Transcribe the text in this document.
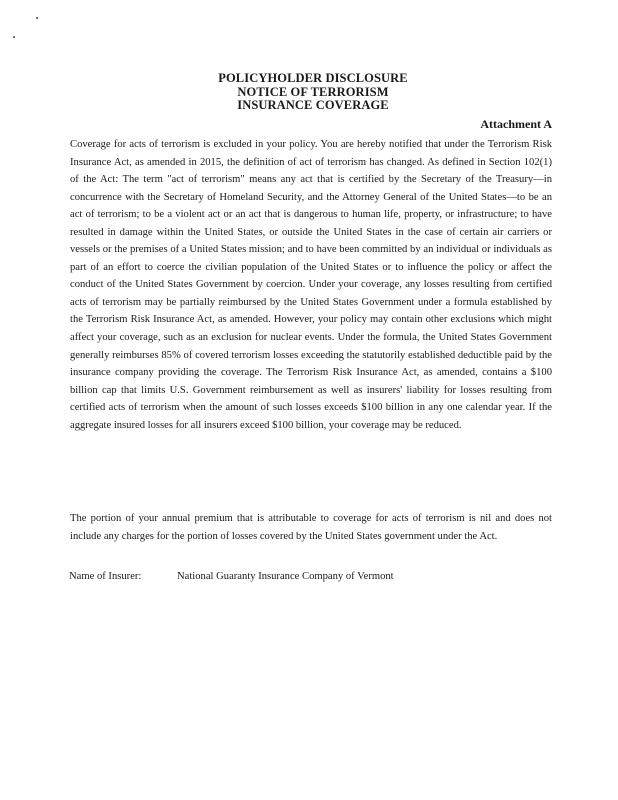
POLICYHOLDER DISCLOSURE
NOTICE OF TERRORISM
INSURANCE COVERAGE
Attachment A

Coverage for acts of terrorism is excluded in your policy. You are hereby notified that under the Terrorism Risk Insurance Act, as amended in 2015, the definition of act of terrorism has changed. As defined in Section 102(1) of the Act: The term "act of terrorism" means any act that is certified by the Secretary of the Treasury—in concurrence with the Secretary of Homeland Security, and the Attorney General of the United States—to be an act of terrorism; to be a violent act or an act that is dangerous to human life, property, or infrastructure; to have resulted in damage within the United States, or outside the United States in the case of certain air carriers or vessels or the premises of a United States mission; and to have been committed by an individual or individuals as part of an effort to coerce the civilian population of the United States or to influence the policy or affect the conduct of the United States Government by coercion. Under your coverage, any losses resulting from certified acts of terrorism may be partially reimbursed by the United States Government under a formula established by the Terrorism Risk Insurance Act, as amended. However, your policy may contain other exclusions which might affect your coverage, such as an exclusion for nuclear events. Under the formula, the United States Government generally reimburses 85% of covered terrorism losses exceeding the statutorily established deductible paid by the insurance company providing the coverage. The Terrorism Risk Insurance Act, as amended, contains a $100 billion cap that limits U.S. Government reimbursement as well as insurers' liability for losses resulting from certified acts of terrorism when the amount of such losses exceeds $100 billion in any one calendar year. If the aggregate insured losses for all insurers exceed $100 billion, your coverage may be reduced.

The portion of your annual premium that is attributable to coverage for acts of terrorism is nil and does not include any charges for the portion of losses covered by the United States government under the Act.

Name of Insurer:	National Guaranty Insurance Company of Vermont
